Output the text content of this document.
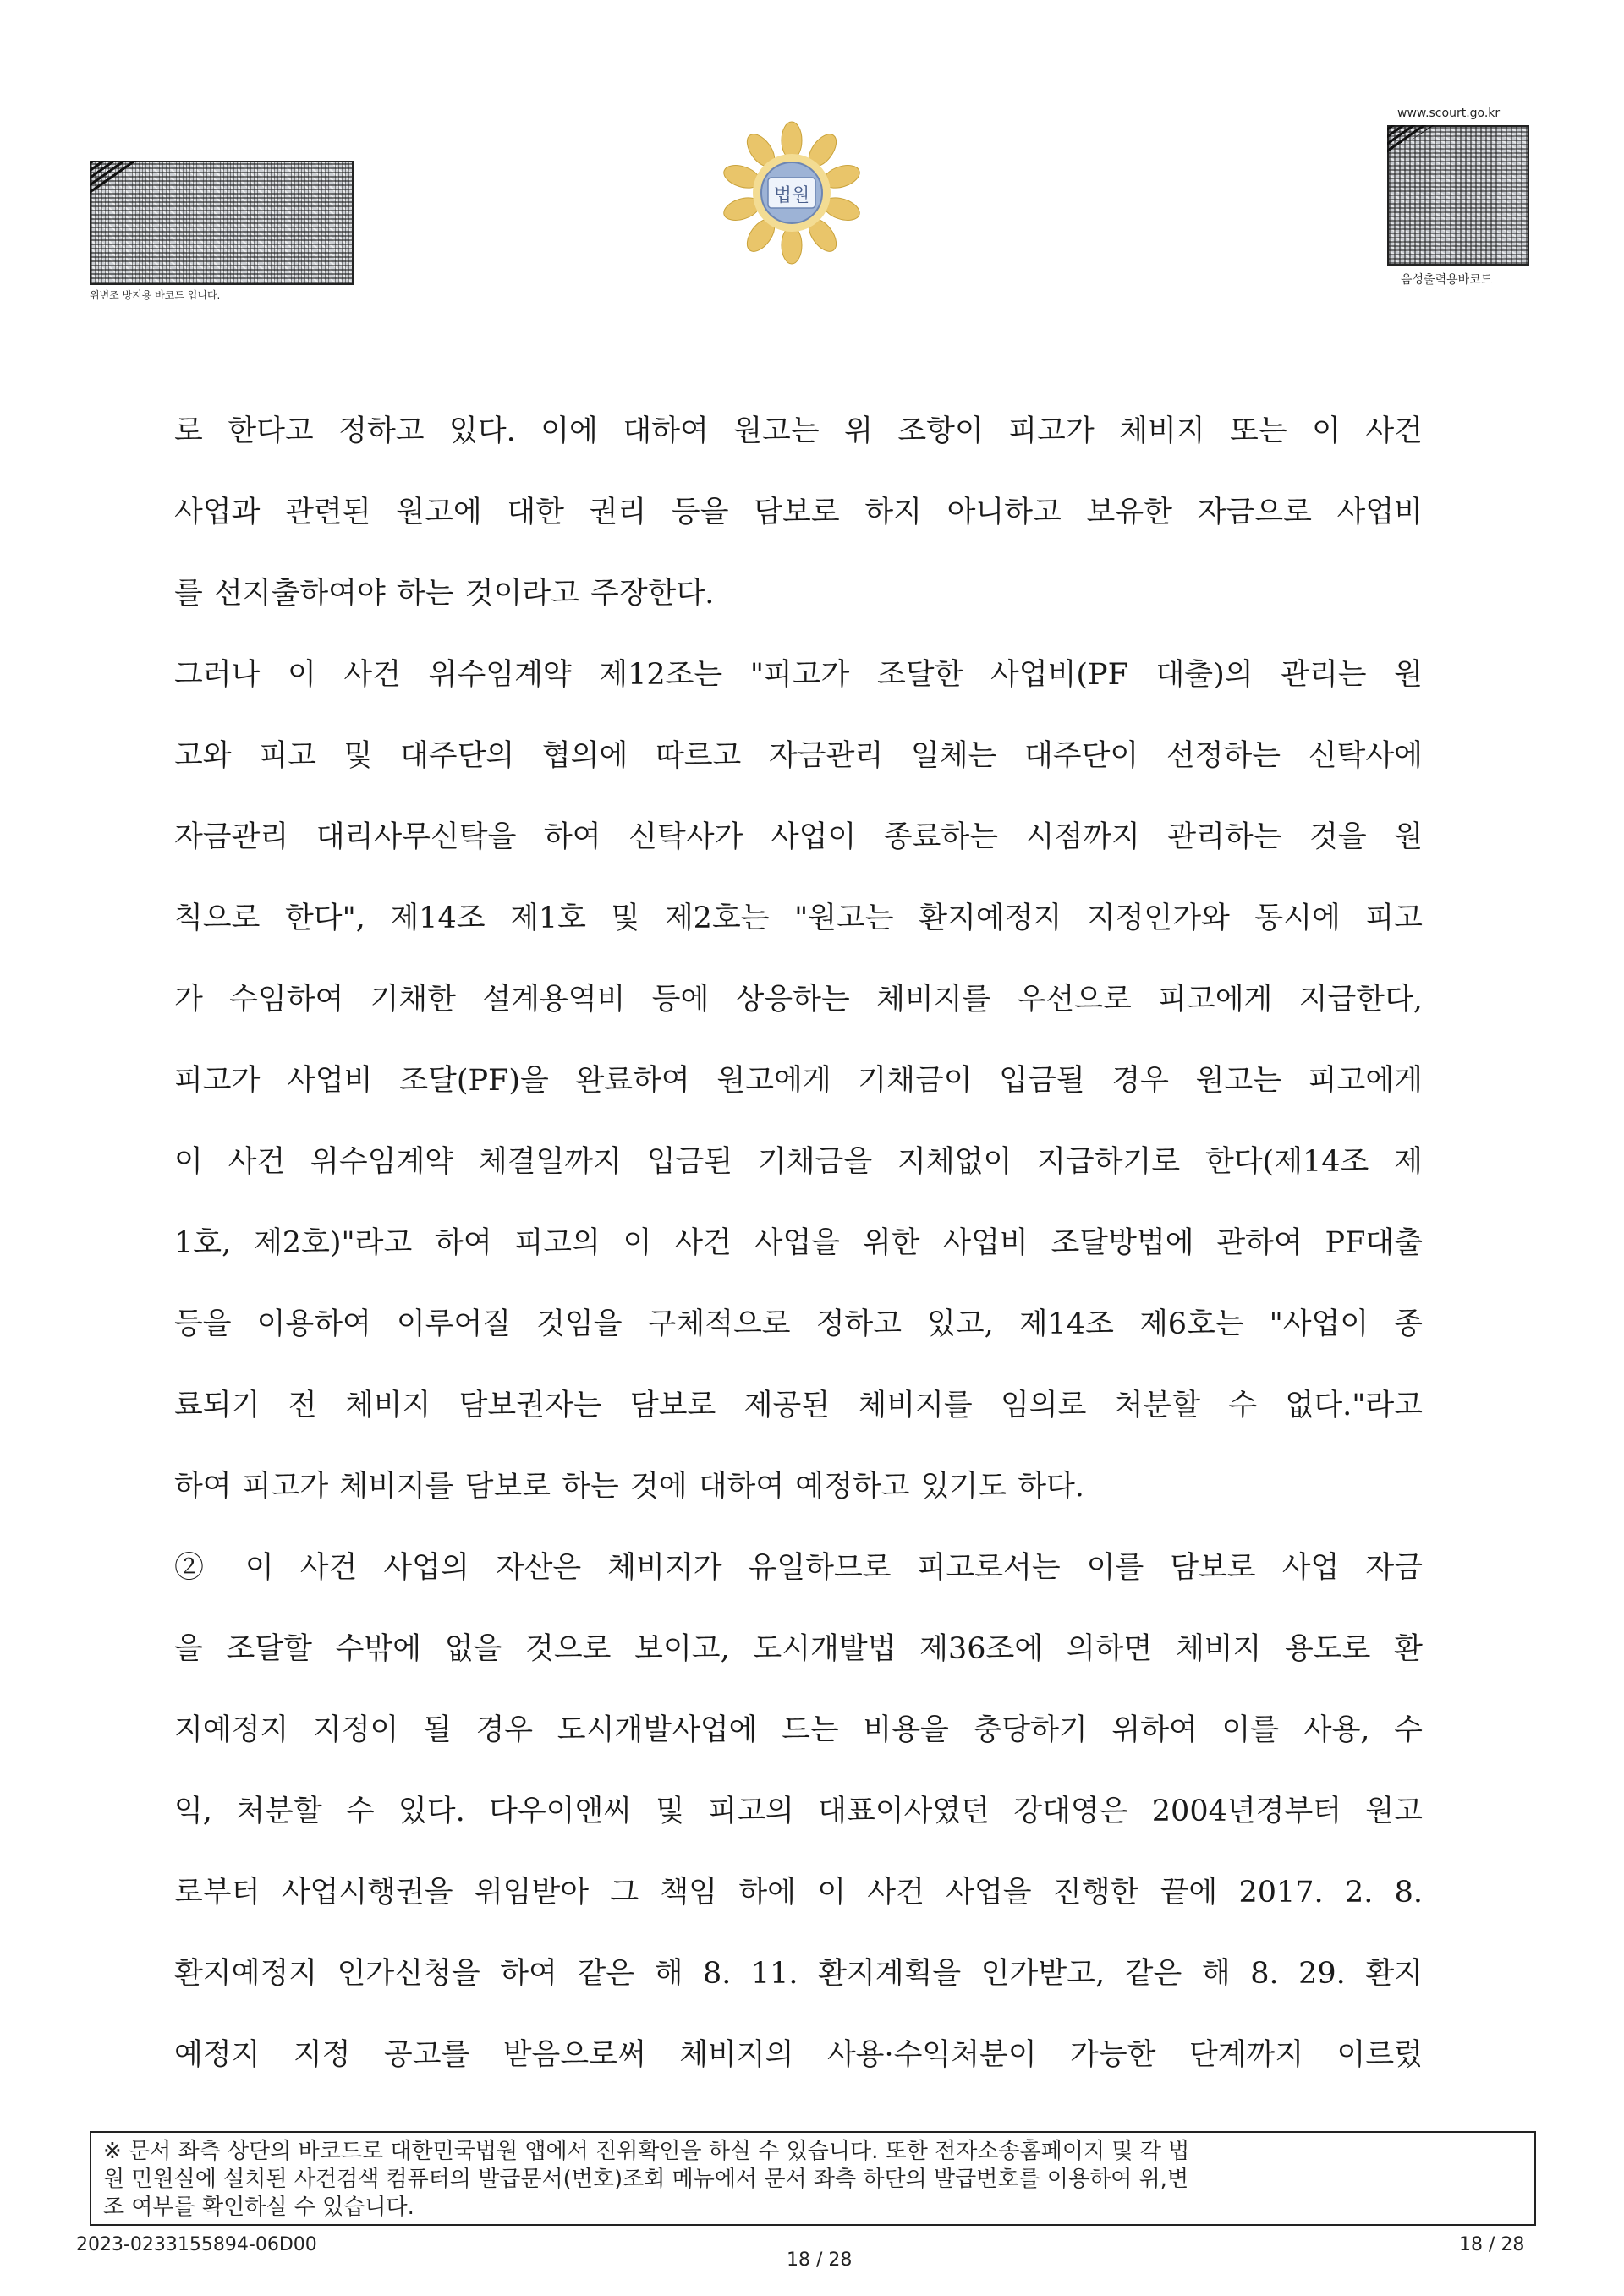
위변조 방지용 바코드 입니다.
법원
www.scourt.go.kr
음성출력용바코드
로 한다고 정하고 있다. 이에 대하여 원고는 위 조항이 피고가 체비지 또는 이 사건
사업과 관련된 원고에 대한 권리 등을 담보로 하지 아니하고 보유한 자금으로 사업비
를 선지출하여야 하는 것이라고 주장한다.
그러나 이 사건 위수임계약 제12조는 "피고가 조달한 사업비(PF 대출)의 관리는 원
고와 피고 및 대주단의 협의에 따르고 자금관리 일체는 대주단이 선정하는 신탁사에
자금관리 대리사무신탁을 하여 신탁사가 사업이 종료하는 시점까지 관리하는 것을 원
칙으로 한다", 제14조 제1호 및 제2호는 "원고는 환지예정지 지정인가와 동시에 피고
가 수임하여 기채한 설계용역비 등에 상응하는 체비지를 우선으로 피고에게 지급한다,
피고가 사업비 조달(PF)을 완료하여 원고에게 기채금이 입금될 경우 원고는 피고에게
이 사건 위수임계약 체결일까지 입금된 기채금을 지체없이 지급하기로 한다(제14조 제
1호, 제2호)"라고 하여 피고의 이 사건 사업을 위한 사업비 조달방법에 관하여 PF대출
등을 이용하여 이루어질 것임을 구체적으로 정하고 있고, 제14조 제6호는 "사업이 종
료되기 전 체비지 담보권자는 담보로 제공된 체비지를 임의로 처분할 수 없다."라고
하여 피고가 체비지를 담보로 하는 것에 대하여 예정하고 있기도 하다.
② 이 사건 사업의 자산은 체비지가 유일하므로 피고로서는 이를 담보로 사업 자금
을 조달할 수밖에 없을 것으로 보이고, 도시개발법 제36조에 의하면 체비지 용도로 환
지예정지 지정이 될 경우 도시개발사업에 드는 비용을 충당하기 위하여 이를 사용, 수
익, 처분할 수 있다. 다우이앤씨 및 피고의 대표이사였던 강대영은 2004년경부터 원고
로부터 사업시행권을 위임받아 그 책임 하에 이 사건 사업을 진행한 끝에 2017. 2. 8.
환지예정지 인가신청을 하여 같은 해 8. 11. 환지계획을 인가받고, 같은 해 8. 29. 환지
예정지 지정 공고를 받음으로써 체비지의 사용·수익처분이 가능한 단계까지 이르렀
※ 문서 좌측 상단의 바코드로 대한민국법원 앱에서 진위확인을 하실 수 있습니다. 또한 전자소송홈페이지 및 각 법
원 민원실에 설치된 사건검색 컴퓨터의 발급문서(번호)조회 메뉴에서 문서 좌측 하단의 발급번호를 이용하여 위,변
조 여부를 확인하실 수 있습니다.
2023-0233155894-06D00
18 / 28
18 / 28
